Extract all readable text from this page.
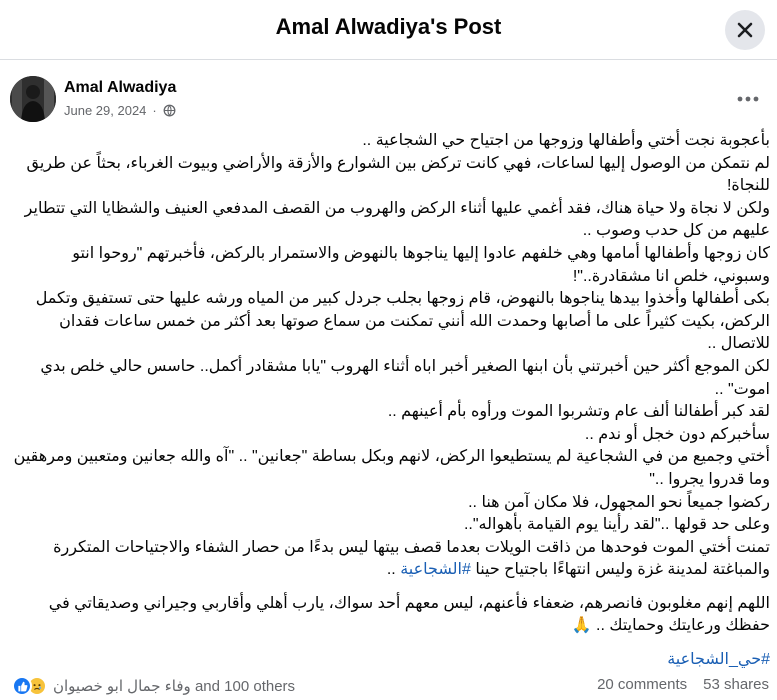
Amal Alwadiya's Post
Amal Alwadiya
June 29, 2024 ·

بأعجوبة نجت أختي وأطفالها وزوجها من اجتياح حي الشجاعية ..

لم نتمكن من الوصول إليها لساعات، فهي كانت تركض بين الشوارع والأزقة والأراضي وبيوت الغرباء، بحثاً عن طريق للنجاة!

ولكن لا نجاة ولا حياة هناك، فقد أغمي عليها أثناء الركض والهروب من القصف المدفعي العنيف والشظايا التي تتطاير عليهم من كل حدب وصوب ..

كان زوجها وأطفالها أمامها وهي خلفهم عادوا إليها يناجوها بالنهوض والاستمرار بالركض، فأخبرتهم "روحوا انتو وسبوني، خلص انا مشقادرة.."!

بكى أطفالها وأخذوا بيدها يناجوها بالنهوض، قام زوجها بجلب جردل كبير من المياه ورشه عليها حتى تستفيق وتكمل الركض، بكيت كثيراً على ما أصابها وحمدت الله أنني تمكنت من سماع صوتها بعد أكثر من خمس ساعات فقدان للاتصال ..

لكن الموجع أكثر حين أخبرتني بأن ابنها الصغير أخبر اباه أثناء الهروب "يابا مشقادر أكمل.. حاسس حالي خلص بدي اموت" ..

لقد كبر أطفالنا ألف عام وتشربوا الموت ورأوه بأم أعينهم ..

سأخبركم دون خجل أو ندم ..

أختي وجميع من في الشجاعية لم يستطيعوا الركض، لانهم وبكل بساطة "جعانين" .. "آه والله جعانين ومتعبين ومرهقين وما قدروا يجروا .."

ركضوا جميعاً نحو المجهول، فلا مكان آمن هنا ..

وعلى حد قولها .."لقد رأينا يوم القيامة بأهواله"..

تمنت أختي الموت فوحدها من ذاقت الويلات بعدما قصف بيتها ليس بدءًا من حصار الشفاء والاجتياحات المتكررة والمباغتة لمدينة غزة وليس انتهاءًا باجتياح حينا #الشجاعية ..

اللهم إنهم مغلوبون فانصرهم، ضعفاء فأعنهم، ليس معهم أحد سواك، يارب أهلي وأقاربي وجيراني وصديقاتي في حفظك ورعايتك وحمايتك .. 🙏

#حي_الشجاعية

وفاء جمال ابو خصيوان and 100 others	20 comments 53 shares
